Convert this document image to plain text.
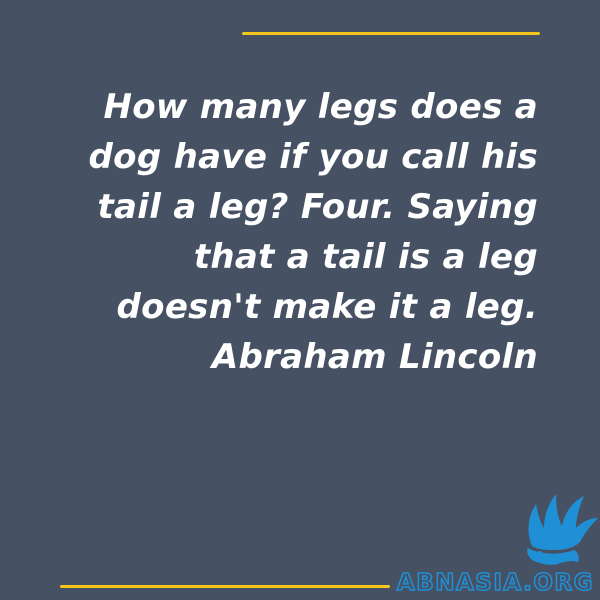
How many legs does a dog have if you call his tail a leg? Four. Saying that a tail is a leg doesn't make it a leg.
Abraham Lincoln
ABNASIA.ORG
